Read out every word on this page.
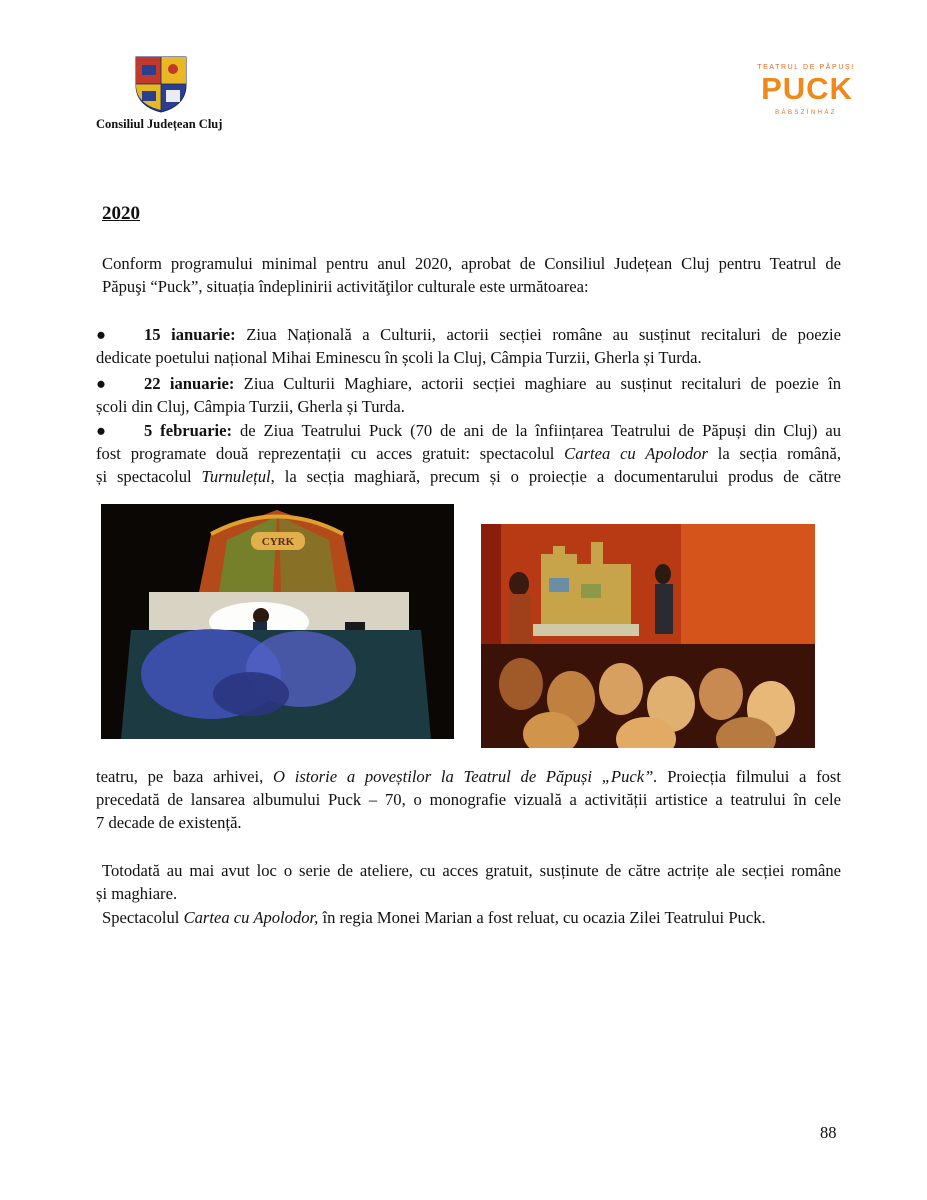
Consiliul Județean Cluj
TEATRUL DE PĂPUȘI
PUCK
BÁBSZÍNHÁZ
2020
Conform programului minimal pentru anul 2020, aprobat de Consiliul Județean Cluj pentru Teatrul de
Păpuşi “Puck”, situația îndeplinirii activităţilor culturale este următoarea:
● 15 ianuarie: Ziua Națională a Culturii, actorii secției române au susținut recitaluri de poezie
dedicate poetului național Mihai Eminescu în școli la Cluj, Câmpia Turzii, Gherla și Turda.
● 22 ianuarie: Ziua Culturii Maghiare, actorii secției maghiare au susținut recitaluri de poezie în
școli din Cluj, Câmpia Turzii, Gherla și Turda.
● 5 februarie: de Ziua Teatrului Puck (70 de ani de la înființarea Teatrului de Păpuși din Cluj) au
fost programate două reprezentații cu acces gratuit: spectacolul Cartea cu Apolodor la secția română,
și spectacolul Turnulețul, la secția maghiară, precum și o proiecție a documentarului produs de către
CYRK
teatru, pe baza arhivei, O istorie a poveștilor la Teatrul de Păpuși „Puck”. Proiecția filmului a fost
precedată de lansarea albumului Puck – 70, o monografie vizuală a activității artistice a teatrului în cele
7 decade de existență.
Totodată au mai avut loc o serie de ateliere, cu acces gratuit, susținute de către actrițe ale secției române
și maghiare.
Spectacolul Cartea cu Apolodor, în regia Monei Marian a fost reluat, cu ocazia Zilei Teatrului Puck.
88
